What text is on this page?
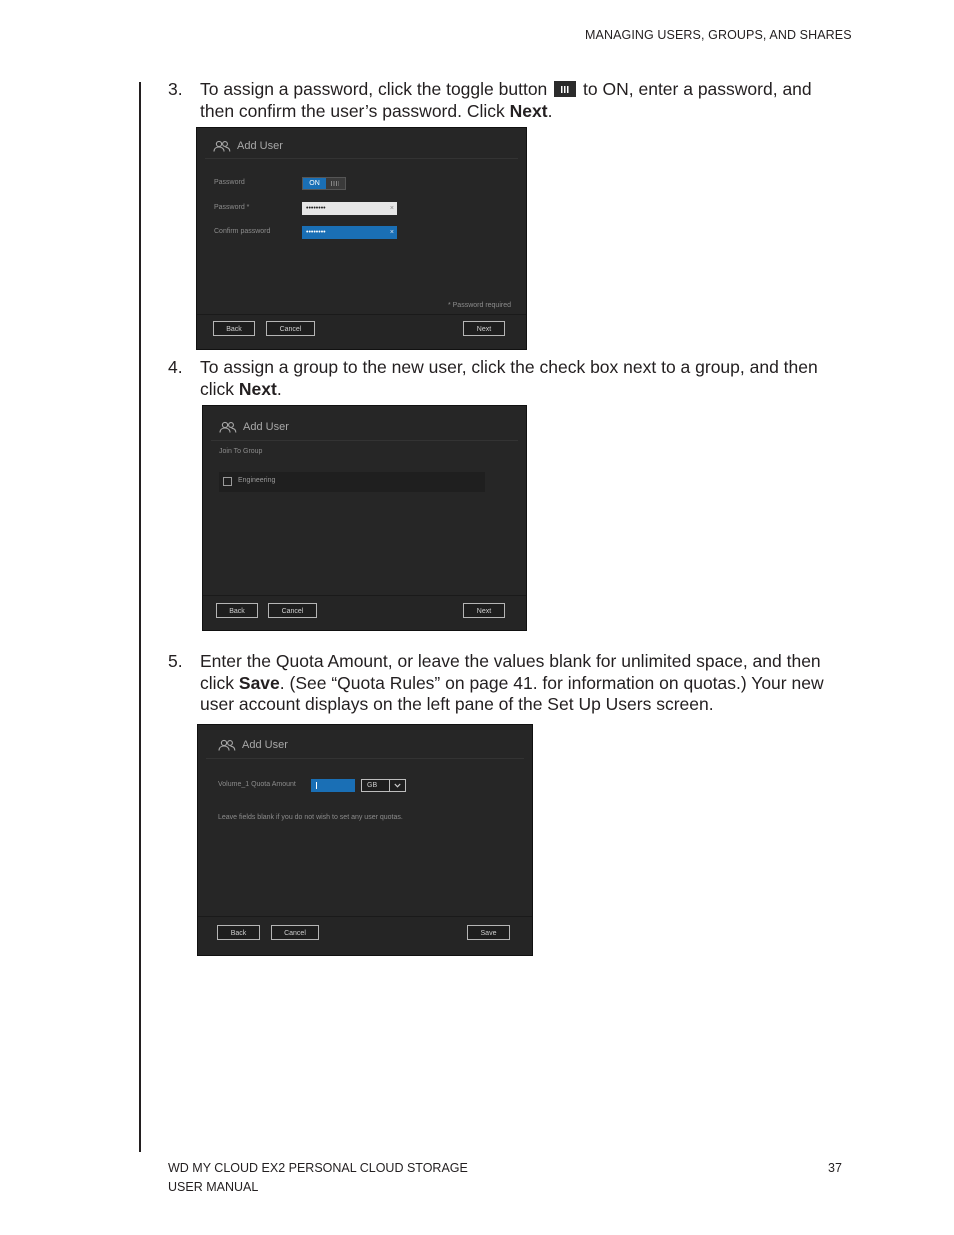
MANAGING USERS, GROUPS, AND SHARES
3. To assign a password, click the toggle button to ON, enter a password, and then confirm the user’s password. Click Next.
Add User
Password	ON
Password *	••••••••	×
Confirm password	••••••••	×
* Password required
Back	Cancel	Next
4. To assign a group to the new user, click the check box next to a group, and then click Next.
Add User
Join To Group
Engineering
Back	Cancel	Next
5. Enter the Quota Amount, or leave the values blank for unlimited space, and then click Save. (See “Quota Rules” on page 41. for information on quotas.) Your new user account displays on the left pane of the Set Up Users screen.
Add User
Volume_1 Quota Amount	GB
Leave fields blank if you do not wish to set any user quotas.
Back	Cancel	Save
WD MY CLOUD EX2 PERSONAL CLOUD STORAGE
USER MANUAL
37
